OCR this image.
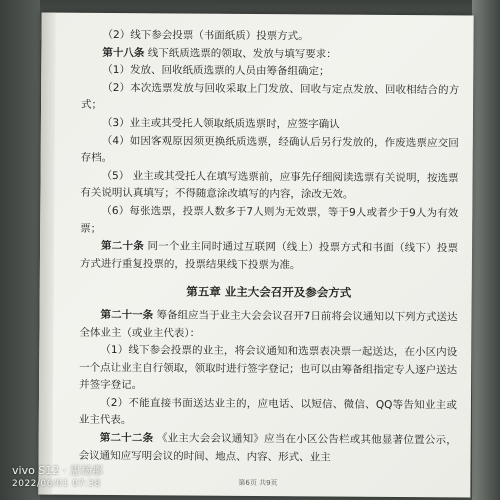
（2）线下参会投票（书面纸质）投票方式。

第十八条 线下纸质选票的领取、发放与填写要求：

（1）发放、回收纸质选票的人员由筹备组确定；

（2）本次选票发放与回收采取上门发放、回收与定点发放、回收相结合的方式；

（3）业主或其受托人领取纸质选票时，应签字确认

（4）如因客观原因须更换纸质选票，经确认后另行发放的，作废选票应交回存档。

（5） 业主或其受托人在填写选票前，应事先仔细阅读选票有关说明，按选票有关说明认真填写；不得随意涂改填写的内容，涂改无效。

（6）每张选票，投票人数多于7人则为无效票，等于9人或者少于9人为有效票；

第二十条 同一个业主同时通过互联网（线上）投票方式和书面（线下）投票方式进行重复投票的，投票结果线下投票为准。

第五章 业主大会召开及参会方式

第二十一条 筹备组应当于业主大会会议召开7日前将会议通知以下列方式送达全体业主（或业主代表）：

（1）线下参会投票的业主，将会议通知和选票表决票一起送达，在小区内设一个点让业主自行领取，领取时进行签字登记；也可以由筹备组指定专人逐户送达并签字登记。

（2）不能直接书面送达业主的，应电话、以短信、微信、QQ等告知业主或业主代表。

第二十二条 《业主大会会议通知》应当在小区公告栏或其他显著位置公示，会议通知应写明会议的时间、地点、内容、形式、业主

第6页 共9页
vivo S12 · 思杨郡
2022/06/01 07:38
